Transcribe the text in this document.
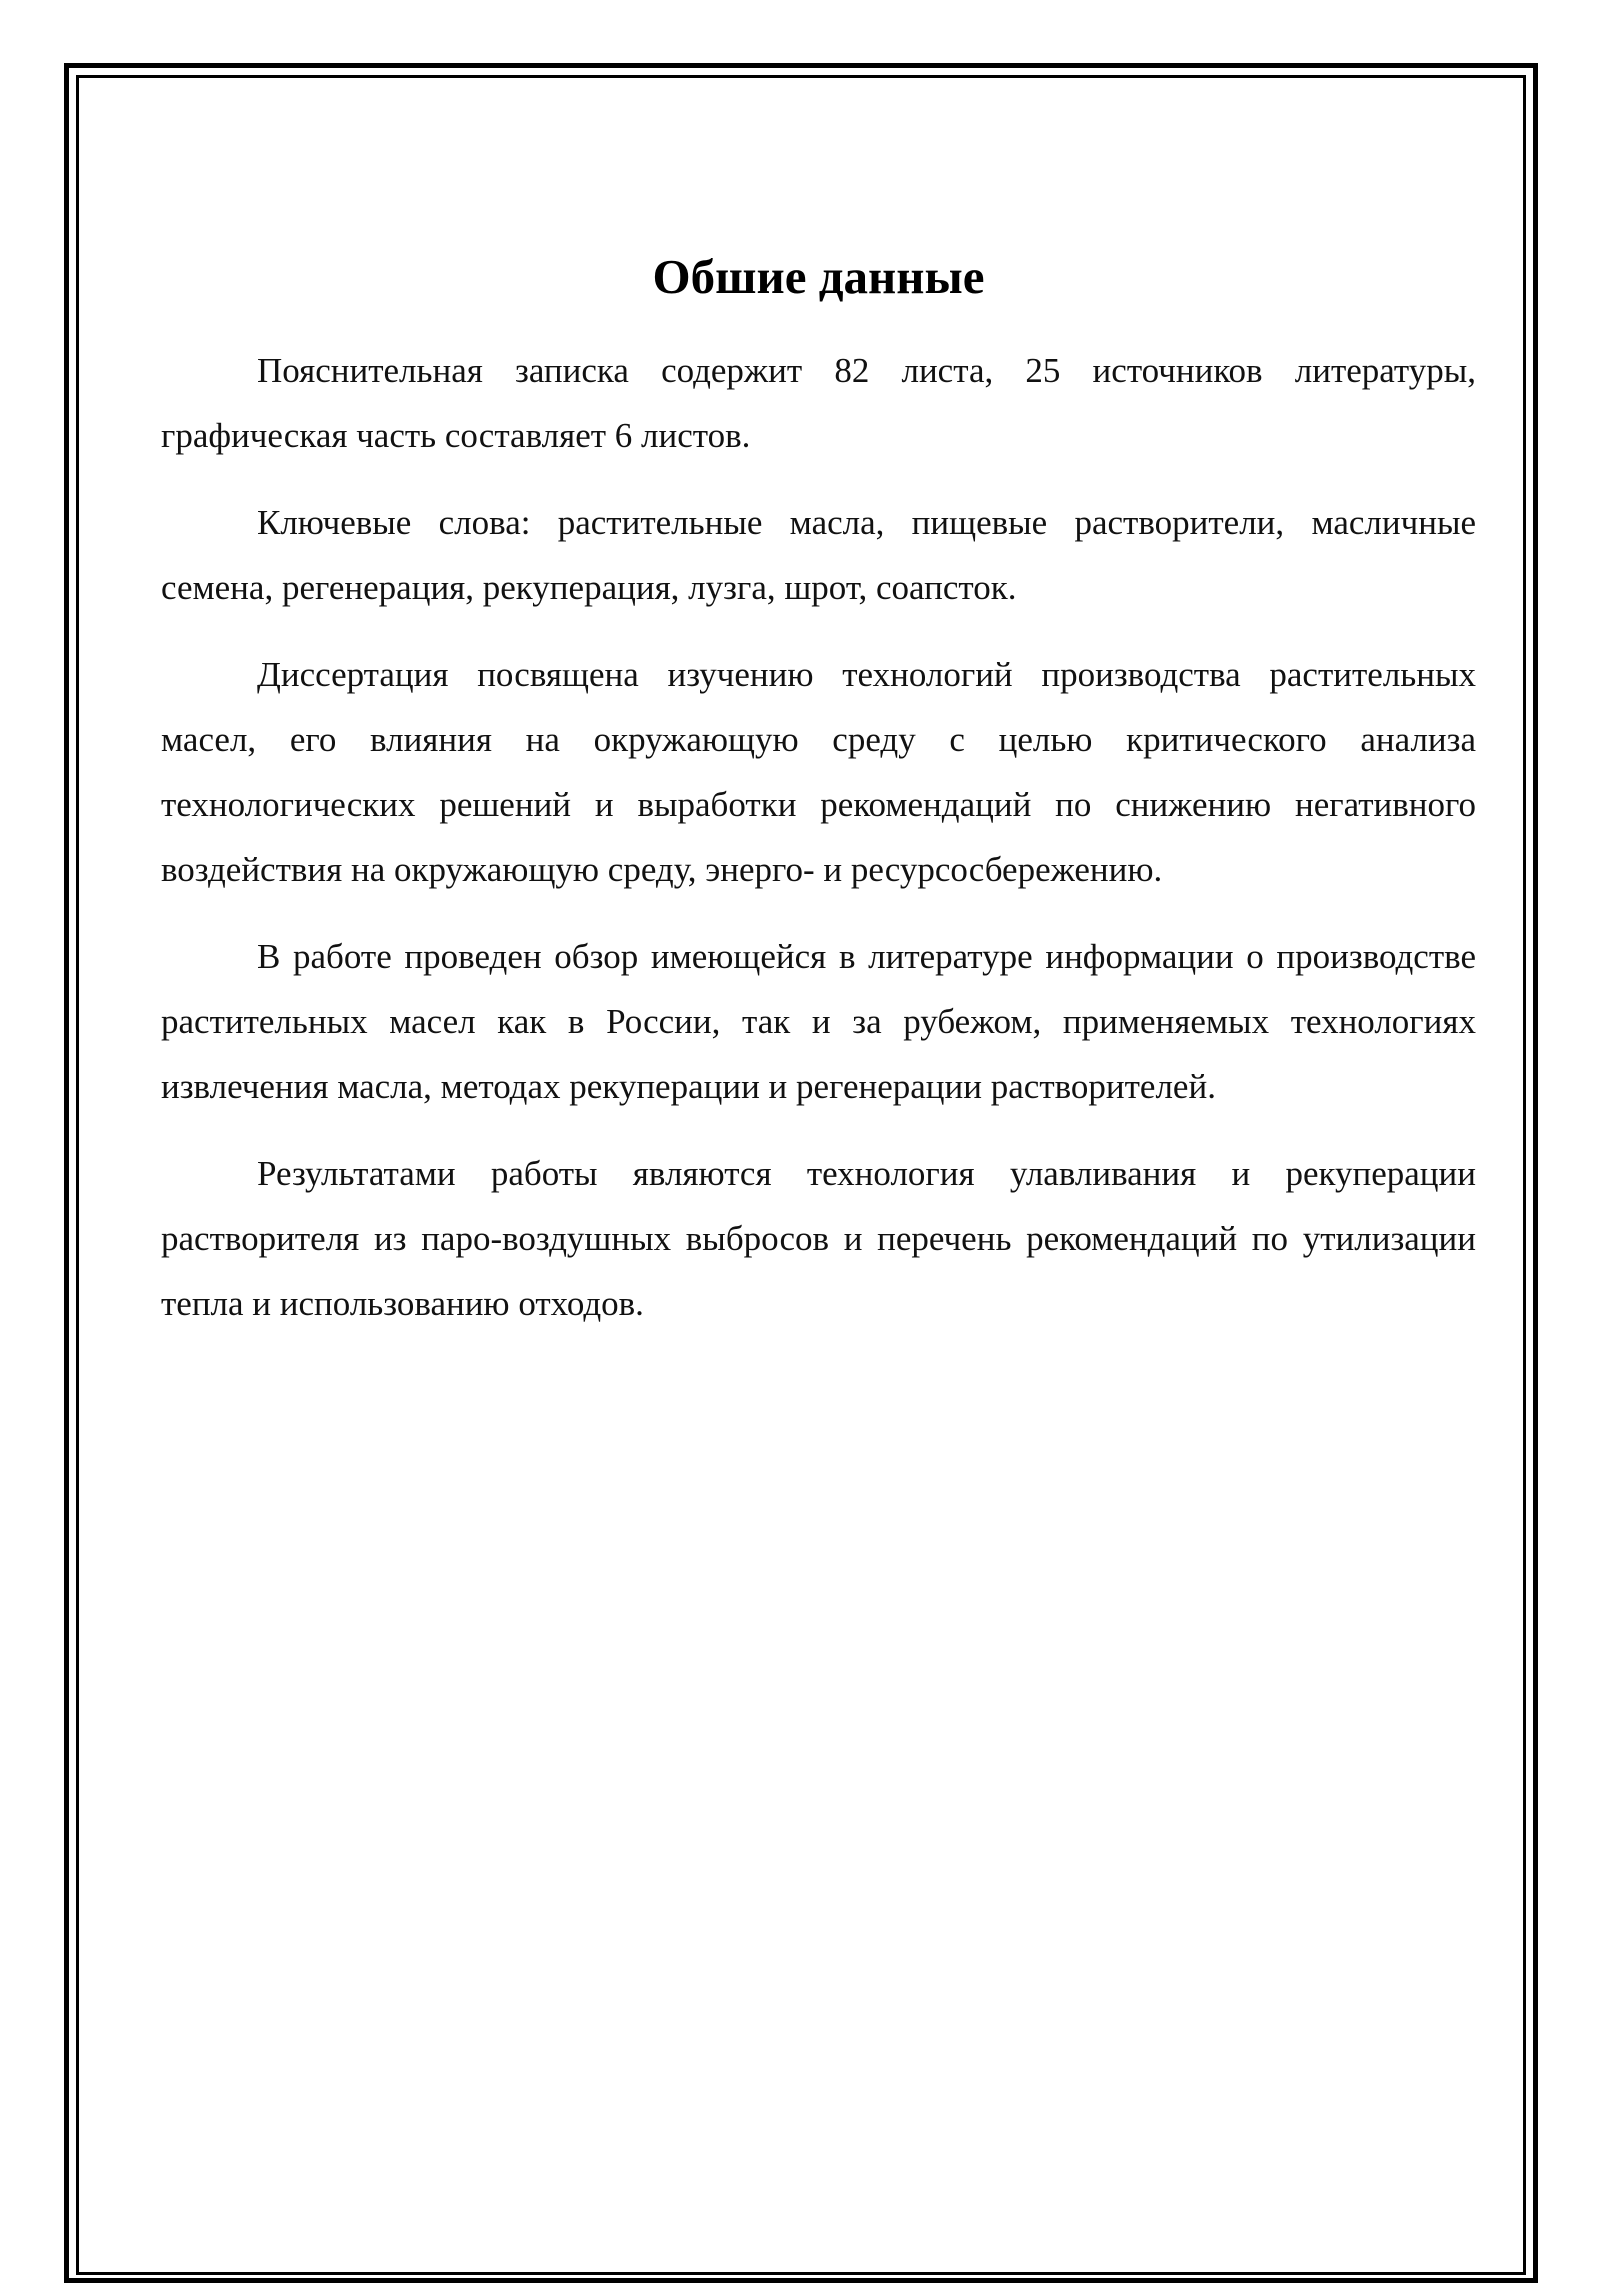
Обшие данные

Пояснительная записка содержит 82 листа, 25 источников литературы, графическая часть составляет 6 листов.

Ключевые слова: растительные масла, пищевые растворители, масличные семена, регенерация, рекуперация, лузга, шрот, соапсток.

Диссертация посвящена изучению технологий производства растительных масел, его влияния на окружающую среду с целью критического анализа технологических решений и выработки рекомендаций по снижению негативного воздействия на окружающую среду, энерго- и ресурсосбережению.

В работе проведен обзор имеющейся в литературе информации о производстве растительных масел как в России, так и за рубежом, применяемых технологиях извлечения масла, методах рекуперации и регенерации растворителей.

Результатами работы являются технология улавливания и рекуперации растворителя из паро-воздушных выбросов и перечень рекомендаций по утилизации тепла и использованию отходов.
